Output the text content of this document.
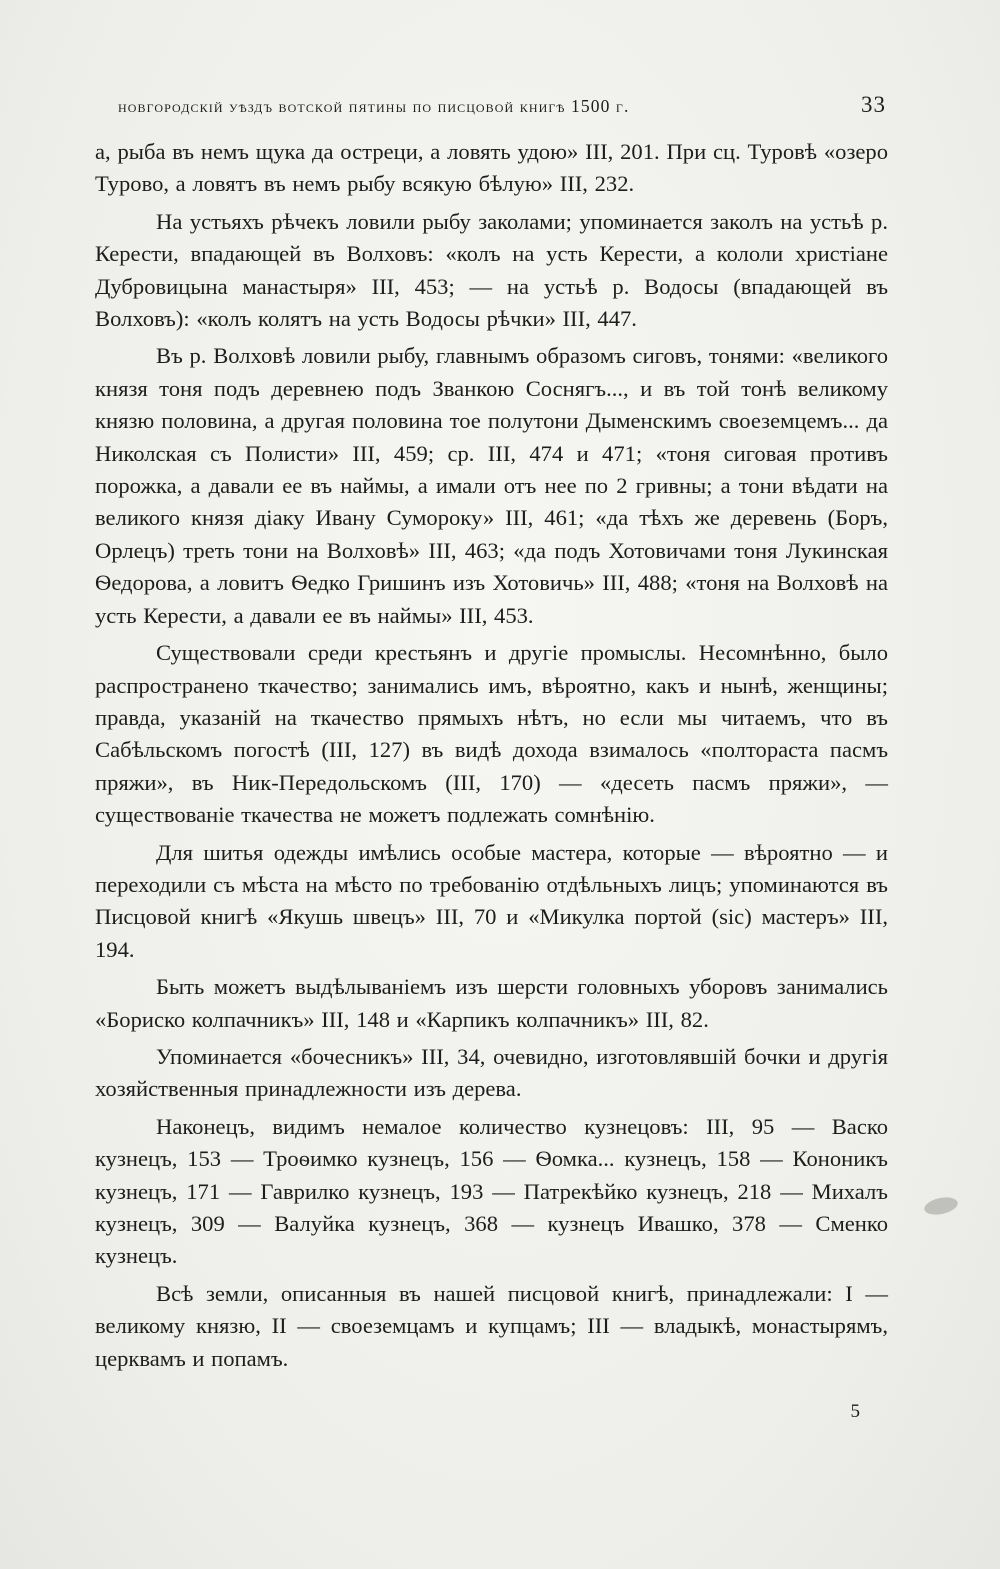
новгородскій уѣздъ вотской пятины по писцовой книгѣ 1500 г.	33

а, рыба въ немъ щука да остреци, а ловять удою» III, 201. При сц. Туровѣ «озеро Турово, а ловятъ въ немъ рыбу всякую бѣлую» III, 232.

На устьяхъ рѣчекъ ловили рыбу заколами; упоминается заколъ на устьѣ р. Керести, впадающей въ Волховъ: «колъ на усть Керести, а кололи христіане Дубровицына манастыря» III, 453; — на устьѣ р. Водосы (впадающей въ Волховъ): «колъ колятъ на усть Водосы рѣчки» III, 447.

Въ р. Волховѣ ловили рыбу, главнымъ образомъ сиговъ, тонями: «великого князя тоня подъ деревнею подъ Званкою Соснягъ..., и въ той тонѣ великому князю половина, а другая половина тое полутони Дыменскимъ своеземцемъ... да Николская съ Полисти» III, 459; ср. III, 474 и 471; «тоня сиговая противъ порожка, а давали ее въ наймы, а имали отъ нее по 2 гривны; а тони вѣдати на великого князя діаку Ивану Сумороку» III, 461; «да тѣхъ же деревень (Боръ, Орлецъ) треть тони на Волховѣ» III, 463; «да подъ Хотовичами тоня Лукинская Ѳедорова, а ловитъ Ѳедко Гришинъ изъ Хотовичь» III, 488; «тоня на Волховѣ на усть Керести, а давали ее въ наймы» III, 453.

Существовали среди крестьянъ и другіе промыслы. Несомнѣнно, было распространено ткачество; занимались имъ, вѣроятно, какъ и нынѣ, женщины; правда, указаній на ткачество прямыхъ нѣтъ, но если мы читаемъ, что въ Сабѣльскомъ погостѣ (III, 127) въ видѣ дохода взималось «полтораста пасмъ пряжи», въ Ник-Передольскомъ (III, 170) — «десеть пасмъ пряжи», — существованіе ткачества не можетъ подлежать сомнѣнію.

Для шитья одежды имѣлись особые мастера, которые — вѣроятно — и переходили съ мѣста на мѣсто по требованію отдѣльныхъ лицъ; упоминаются въ Писцовой книгѣ «Якушь швецъ» III, 70 и «Микулка портой (sic) мастеръ» III, 194.

Быть можетъ выдѣлываніемъ изъ шерсти головныхъ уборовъ занимались «Бориско колпачникъ» III, 148 и «Карпикъ колпачникъ» III, 82.

Упоминается «бочесникъ» III, 34, очевидно, изготовлявшій бочки и другія хозяйственныя принадлежности изъ дерева.

Наконецъ, видимъ немалое количество кузнецовъ: III, 95 — Васко кузнецъ, 153 — Троѳимко кузнецъ, 156 — Ѳомка... кузнецъ, 158 — Кононикъ кузнецъ, 171 — Гаврилко кузнецъ, 193 — Патрекѣйко кузнецъ, 218 — Михалъ кузнецъ, 309 — Валуйка кузнецъ, 368 — кузнецъ Ивашко, 378 — Сменко кузнецъ.

Всѣ земли, описанныя въ нашей писцовой книгѣ, принадлежали: I — великому князю, II — своеземцамъ и купцамъ; III — владыкѣ, монастырямъ, церквамъ и попамъ.

5
